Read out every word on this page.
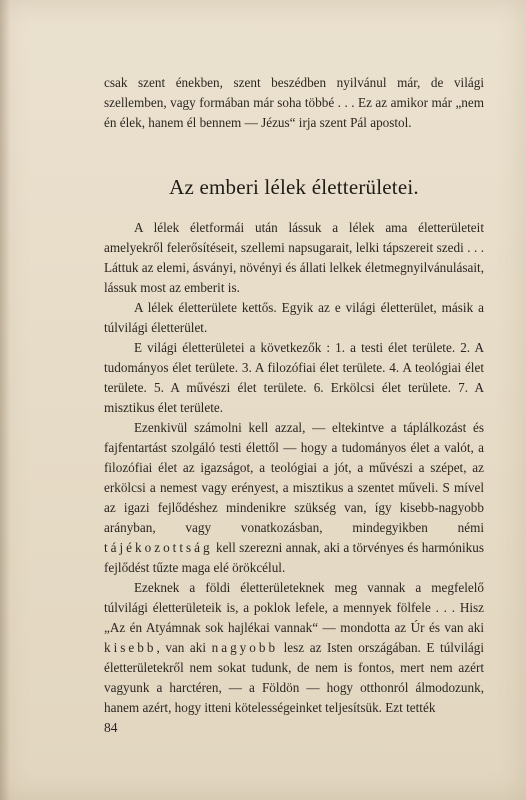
csak szent énekben, szent beszédben nyilvánul már, de világi szellemben, vagy formában már soha többé . . . Ez az amikor már „nem én élek, hanem él bennem — Jézus“ irja szent Pál apostol.

Az emberi lélek életterületei.

A lélek életformái után lássuk a lélek ama életterületeit amelyekről felerősítéseit, szellemi napsugarait, lelki tápszereit szedi . . . Láttuk az elemi, ásványi, növényi és állati lelkek életmegnyilvánulásait, lássuk most az emberit is.

A lélek életterülete kettős. Egyik az e világi életterület, másik a túlvilági életterület.

E világi életterületei a következők : 1. a testi élet területe. 2. A tudományos élet területe. 3. A filozófiai élet területe. 4. A teológiai élet területe. 5. A művészi élet területe. 6. Erkölcsi élet területe. 7. A misztikus élet területe.

Ezenkivül számolni kell azzal, — eltekintve a táplálkozást és fajfentartást szolgáló testi élettől — hogy a tudományos élet a valót, a filozófiai élet az igazságot, a teológiai a jót, a művészi a szépet, az erkölcsi a nemest vagy erényest, a misztikus a szentet műveli. S mível az igazi fejlődéshez mindenikre szükség van, így kisebb-nagyobb arányban, vagy vonatkozásban, mindegyikben némi tájékozottság kell szerezni annak, aki a törvényes és harmónikus fejlődést tűzte maga elé örökcélul.

Ezeknek a földi életterületeknek meg vannak a megfelelő túlvilági életterületeik is, a poklok lefele, a mennyek fölfele . . . Hisz „Az én Atyámnak sok hajlékai vannak“ — mondotta az Úr és van aki kisebb, van aki nagyobb lesz az Isten országában. E túlvilági életterületekről nem sokat tudunk, de nem is fontos, mert nem azért vagyunk a harctéren, — a Földön — hogy otthonról álmodozunk, hanem azért, hogy itteni kötelességeinket teljesítsük. Ezt tették

84
